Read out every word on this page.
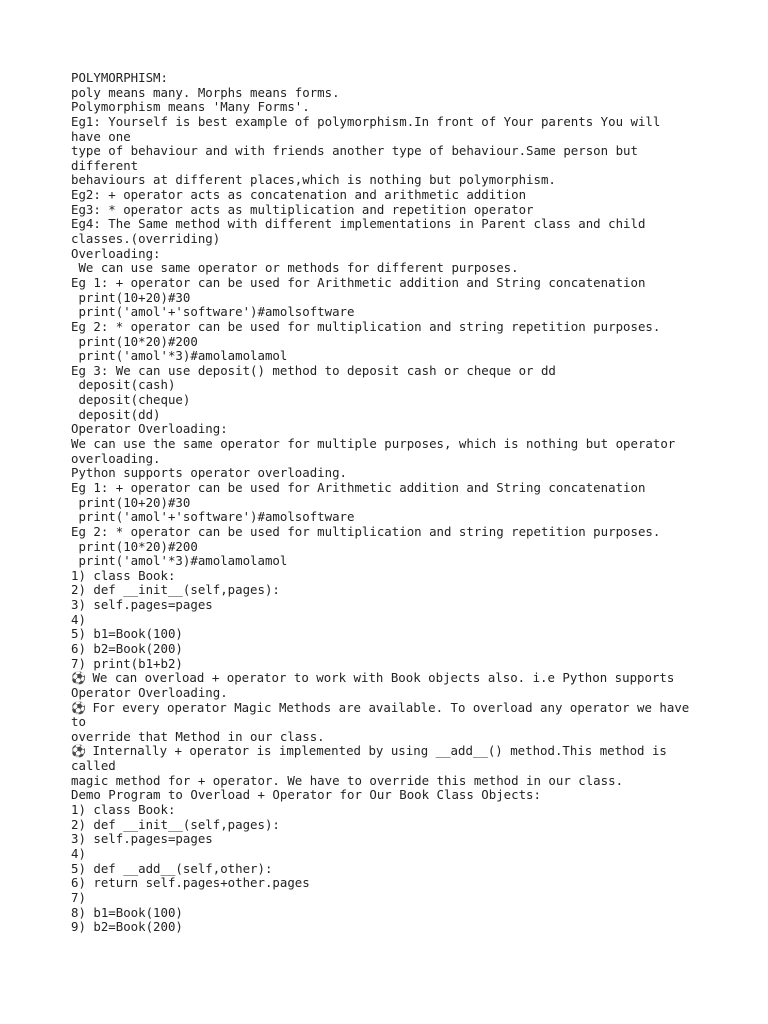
POLYMORPHISM:
poly means many. Morphs means forms.
Polymorphism means 'Many Forms'.
Eg1: Yourself is best example of polymorphism.In front of Your parents You will
have one
type of behaviour and with friends another type of behaviour.Same person but
different
behaviours at different places,which is nothing but polymorphism.
Eg2: + operator acts as concatenation and arithmetic addition
Eg3: * operator acts as multiplication and repetition operator
Eg4: The Same method with different implementations in Parent class and child
classes.(overriding)
Overloading:
We can use same operator or methods for different purposes.
Eg 1: + operator can be used for Arithmetic addition and String concatenation
print(10+20)#30
print('amol'+'software')#amolsoftware
Eg 2: * operator can be used for multiplication and string repetition purposes.
print(10*20)#200
print('amol'*3)#amolamolamol
Eg 3: We can use deposit() method to deposit cash or cheque or dd
deposit(cash)
deposit(cheque)
deposit(dd)
Operator Overloading:
We can use the same operator for multiple purposes, which is nothing but operator
overloading.
Python supports operator overloading.
Eg 1: + operator can be used for Arithmetic addition and String concatenation
print(10+20)#30
print('amol'+'software')#amolsoftware
Eg 2: * operator can be used for multiplication and string repetition purposes.
print(10*20)#200
print('amol'*3)#amolamolamol
1) class Book:
2) def __init__(self,pages):
3) self.pages=pages
4)
5) b1=Book(100)
6) b2=Book(200)
7) print(b1+b2)
⚽ We can overload + operator to work with Book objects also. i.e Python supports
Operator Overloading.
⚽ For every operator Magic Methods are available. To overload any operator we have
to
override that Method in our class.
⚽ Internally + operator is implemented by using __add__() method.This method is
called
magic method for + operator. We have to override this method in our class.
Demo Program to Overload + Operator for Our Book Class Objects:
1) class Book:
2) def __init__(self,pages):
3) self.pages=pages
4)
5) def __add__(self,other):
6) return self.pages+other.pages
7)
8) b1=Book(100)
9) b2=Book(200)
